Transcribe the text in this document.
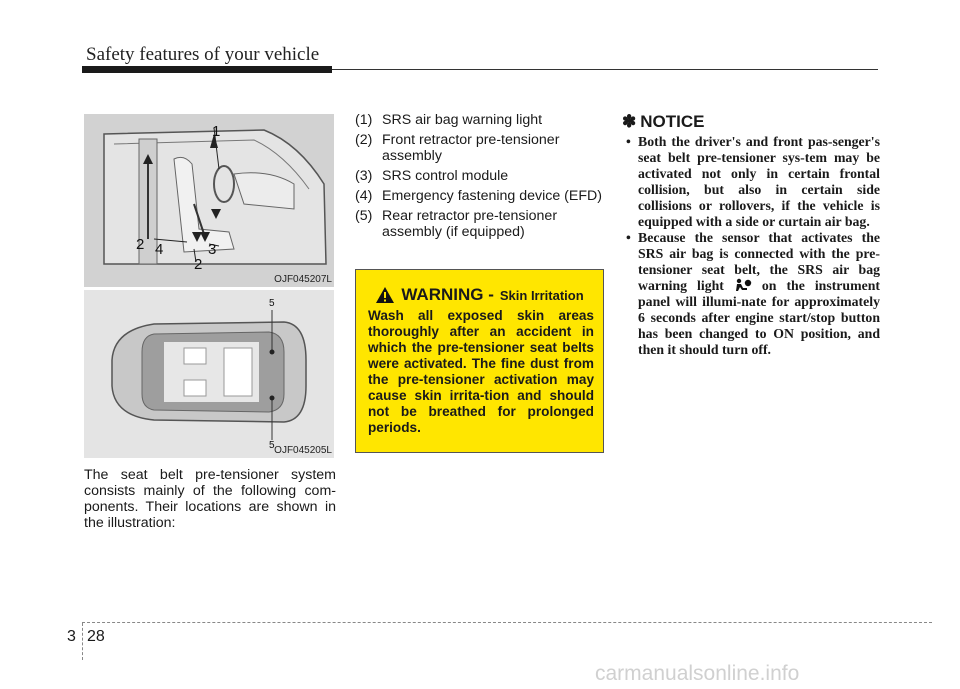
Safety features of your vehicle
1
2 4
2
3
OJF045207L
5
5 OJF045205L
The seat belt pre-tensioner system consists mainly of the following com-ponents. Their locations are shown in the illustration:
(1) SRS air bag warning light
(2) Front retractor pre-tensioner assembly
(3) SRS control module
(4) Emergency fastening device (EFD)
(5) Rear retractor pre-tensioner assembly (if equipped)
WARNING - Skin Irritation
Wash all exposed skin areas thoroughly after an accident in which the pre-tensioner seat belts were activated. The fine dust from the pre-tensioner activation may cause skin irrita-tion and should not be breathed for prolonged periods.
✽ NOTICE
• Both the driver's and front pas-senger's seat belt pre-tensioner sys-tem may be activated not only in certain frontal collision, but also in certain side collisions or rollovers, if the vehicle is equipped with a side or curtain air bag.
• Because the sensor that activates the SRS air bag is connected with the pre-tensioner seat belt, the SRS air bag warning light	on the instrument panel will illumi-nate for approximately 6 seconds after engine start/stop button has been changed to ON position, and then it should turn off.
3 28
carmanualsonline.info
